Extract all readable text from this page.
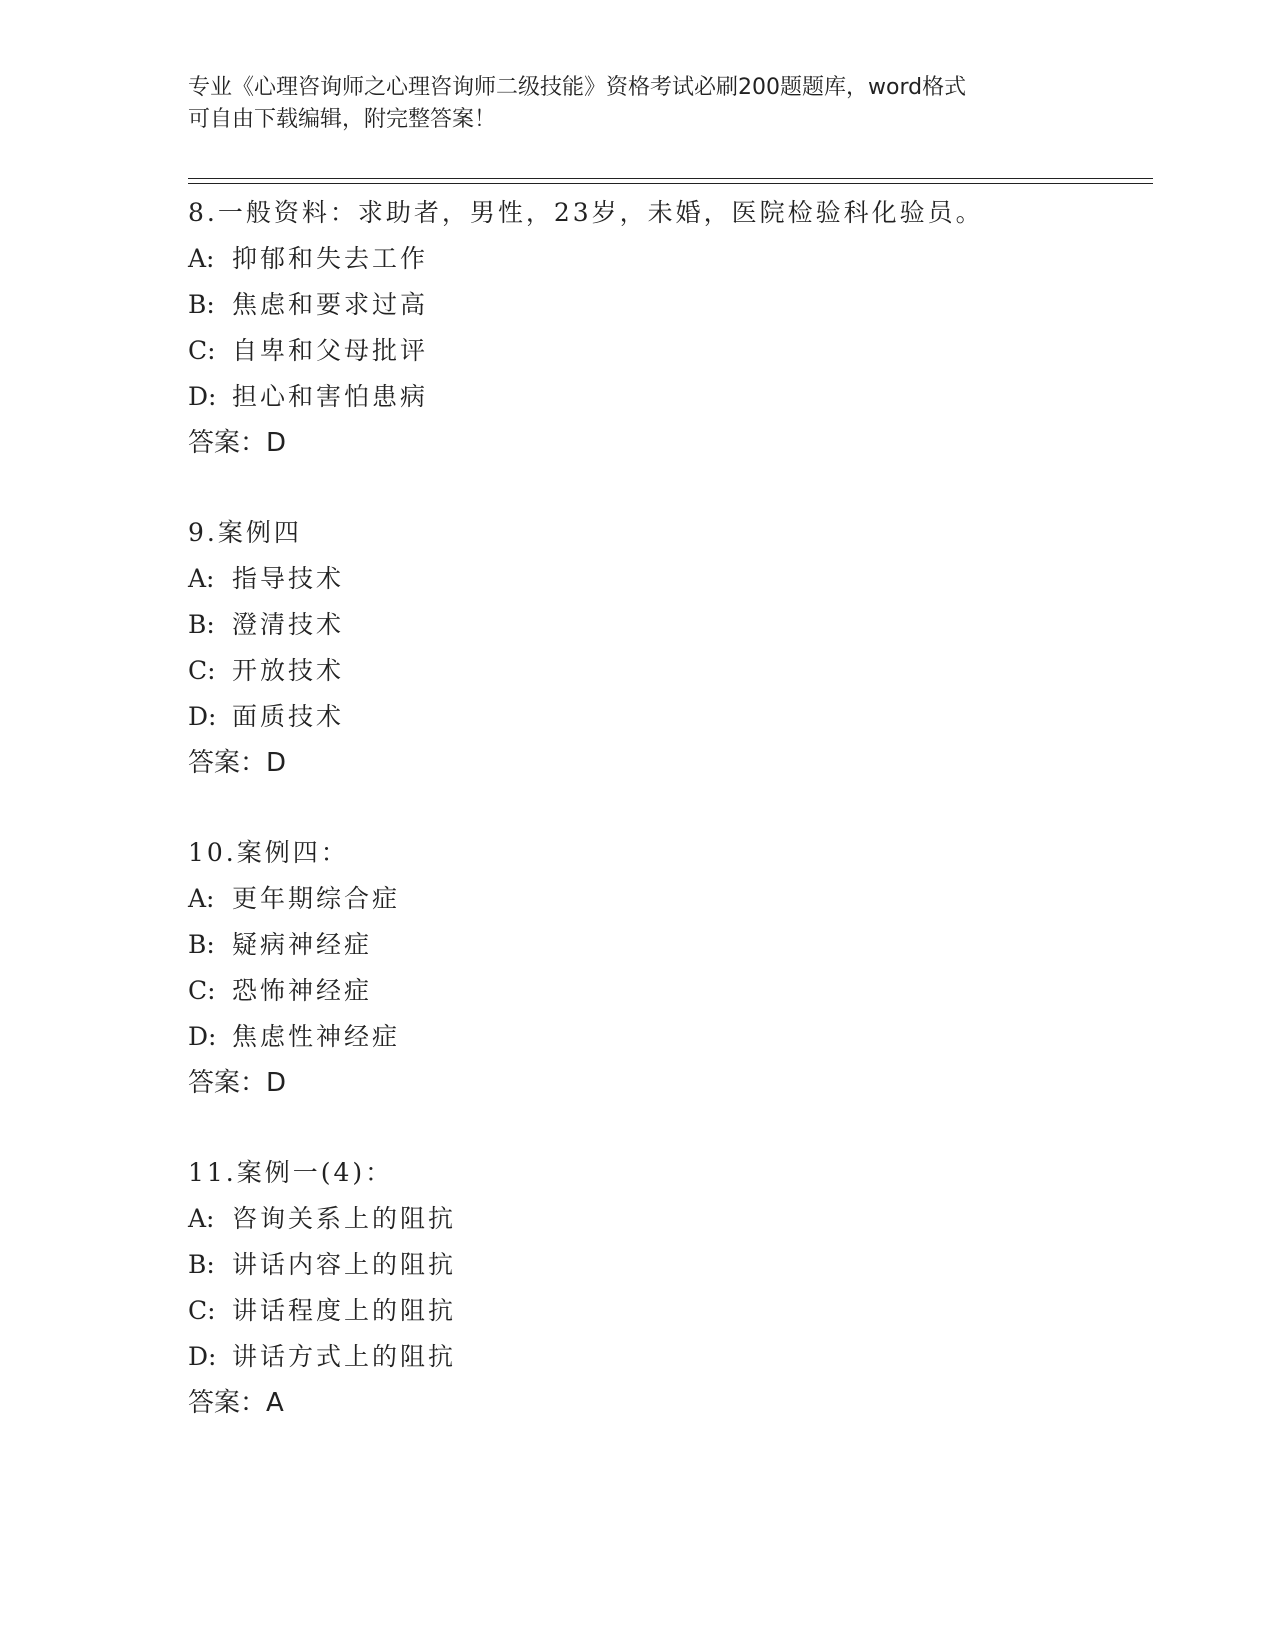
专业《心理咨询师之心理咨询师二级技能》资格考试必刷200题题库，word格式
可自由下载编辑，附完整答案！
8.一般资料：求助者，男性，23岁，未婚，医院检验科化验员。
A: 抑郁和失去工作
B: 焦虑和要求过高
C: 自卑和父母批评
D: 担心和害怕患病
答案：D
9.案例四
A: 指导技术
B: 澄清技术
C: 开放技术
D: 面质技术
答案：D
10.案例四：
A: 更年期综合症
B: 疑病神经症
C: 恐怖神经症
D: 焦虑性神经症
答案：D
11.案例一(4)：
A: 咨询关系上的阻抗
B: 讲话内容上的阻抗
C: 讲话程度上的阻抗
D: 讲话方式上的阻抗
答案：A
